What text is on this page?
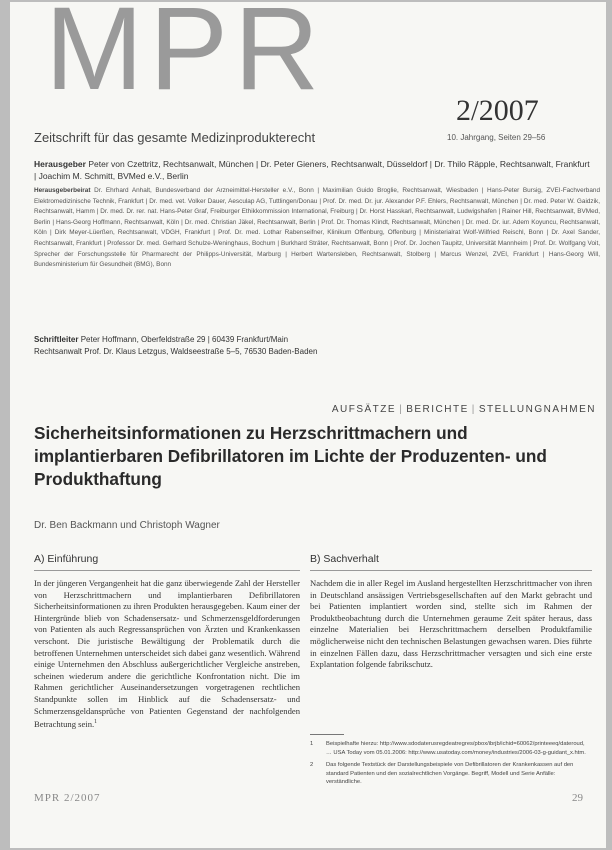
MPR	2/2007
Zeitschrift für das gesamte Medizinprodukterecht	10. Jahrgang, Seiten 29–56
Herausgeber Peter von Czettritz, Rechtsanwalt, München | Dr. Peter Gieners, Rechtsanwalt, Düsseldorf | Dr. Thilo Räpple, Rechtsanwalt, Frankfurt | Joachim M. Schmitt, BVMed e.V., Berlin
Herausgeberbeirat Dr. Ehrhard Anhalt, Bundesverband der Arzneimittel-Hersteller e.V., Bonn | Maximilian Guido Broglie, Rechtsanwalt, Wiesbaden | Hans-Peter Bursig, ZVEI-Fachverband Elektromedizinische Technik, Frankfurt | Dr. med. vet. Volker Dauer, Aesculap AG, Tuttlingen/Donau | Prof. Dr. med. Dr. jur. Alexander P.F. Ehlers, Rechtsanwalt, München | Dr. med. Peter W. Gaidzik, Rechtsanwalt, Hamm | Dr. med. Dr. rer. nat. Hans-Peter Graf, Freiburger Ethikkommission International, Freiburg | Dr. Horst Hasskarl, Rechtsanwalt, Ludwigshafen | Rainer Hill, Rechtsanwalt, BVMed, Berlin | Hans-Georg Hoffmann, Rechtsanwalt, Köln | Dr. med. Christian Jäkel, Rechtsanwalt, Berlin | Prof. Dr. Thomas Klindt, Rechtsanwalt, München | Dr. med. Dr. iur. Adem Koyuncu, Rechtsanwalt, Köln | Dirk Meyer-Lüerßen, Rechtsanwalt, VDGH, Frankfurt | Prof. Dr. med. Lothar Rabenseifner, Klinikum Offenburg, Offenburg | Ministerialrat Wolf-Wilfried Reischl, Bonn | Dr. Axel Sander, Rechtsanwalt, Frankfurt | Professor Dr. med. Gerhard Schulze-Weninghaus, Bochum | Burkhard Sträter, Rechtsanwalt, Bonn | Prof. Dr. Jochen Taupitz, Universität Mannheim | Prof. Dr. Wolfgang Voit, Sprecher der Forschungsstelle für Pharmarecht der Philipps-Universität, Marburg | Herbert Wartensleben, Rechtsanwalt, Stolberg | Marcus Wenzel, ZVEI, Frankfurt | Hans-Georg Will, Bundesministerium für Gesundheit (BMG), Bonn
Schriftleiter Peter Hoffmann, Oberfeldstraße 29 | 60439 Frankfurt/Main
Rechtsanwalt Prof. Dr. Klaus Letzgus, Waldseestraße 5–5, 76530 Baden-Baden
AUFSÄTZE | BERICHTE | STELLUNGNAHMEN
Sicherheitsinformationen zu Herzschrittmachern und implantierbaren Defibrillatoren im Lichte der Produzenten- und Produkthaftung
Dr. Ben Backmann und Christoph Wagner
A) Einführung
In der jüngeren Vergangenheit hat die ganz überwiegende Zahl der Hersteller von Herzschrittmachern und implantierbaren Defibrillatoren Sicherheitsinformationen zu ihren Produkten herausgegeben. Kaum einer der Hintergründe blieb von Schadensersatz- und Schmerzensgeldforderungen von Patienten als auch Regressansprüchen von Ärzten und Krankenkassen verschont. Die juristische Bewältigung der Problematik durch die betroffenen Unternehmen unterscheidet sich dabei ganz wesentlich. Während einige Unternehmen den Abschluss außergerichtlicher Vergleiche anstreben, scheinen wiederum andere die gerichtliche Konfrontation nicht. Die im Rahmen gerichtlicher Auseinandersetzungen vorgetragenen rechtlichen Standpunkte sollen im Hinblick auf die Schadensersatz- und Schmerzensgeldansprüche von Patienten Gegenstand der nachfolgenden Betrachtung sein.$^1$
B) Sachverhalt
Nachdem die in aller Regel im Ausland hergestellten Herzschrittmacher von ihren in Deutschland ansässigen Vertriebsgesellschaften auf den Markt gebracht und bei Patienten implantiert worden sind, stellte sich im Rahmen der Produktbeobachtung durch die Unternehmen geraume Zeit später heraus, dass einzelne Materialien bei Herzschrittmachern derselben Produktfamilie möglicherweise nicht den technischen Belastungen gewachsen waren. Dies führte in einzelnen Fällen dazu, dass Herzschrittmacher versagten und sich eine erste Explantation folgende fabrikschutz.
1 Beispielhafte hierzu: http://www.sdodaterusregdeatregres/pbox/ibrjb/ichid=60062/printeeeq/dateroud, … USA Today vom 05.01.2006: http://www.usatoday.com/money/industries/2006-03-g-guidant_x.htm.
2 Das folgende Textstück der Darstellungsbeispiele von Defibrillatoren der Krankenkassen auf den standard Patienten und den sozialrechtlichen Vorgänge. Begriff, Modell und Serie Anfälle: verständliche.
MPR 2/2007	29
